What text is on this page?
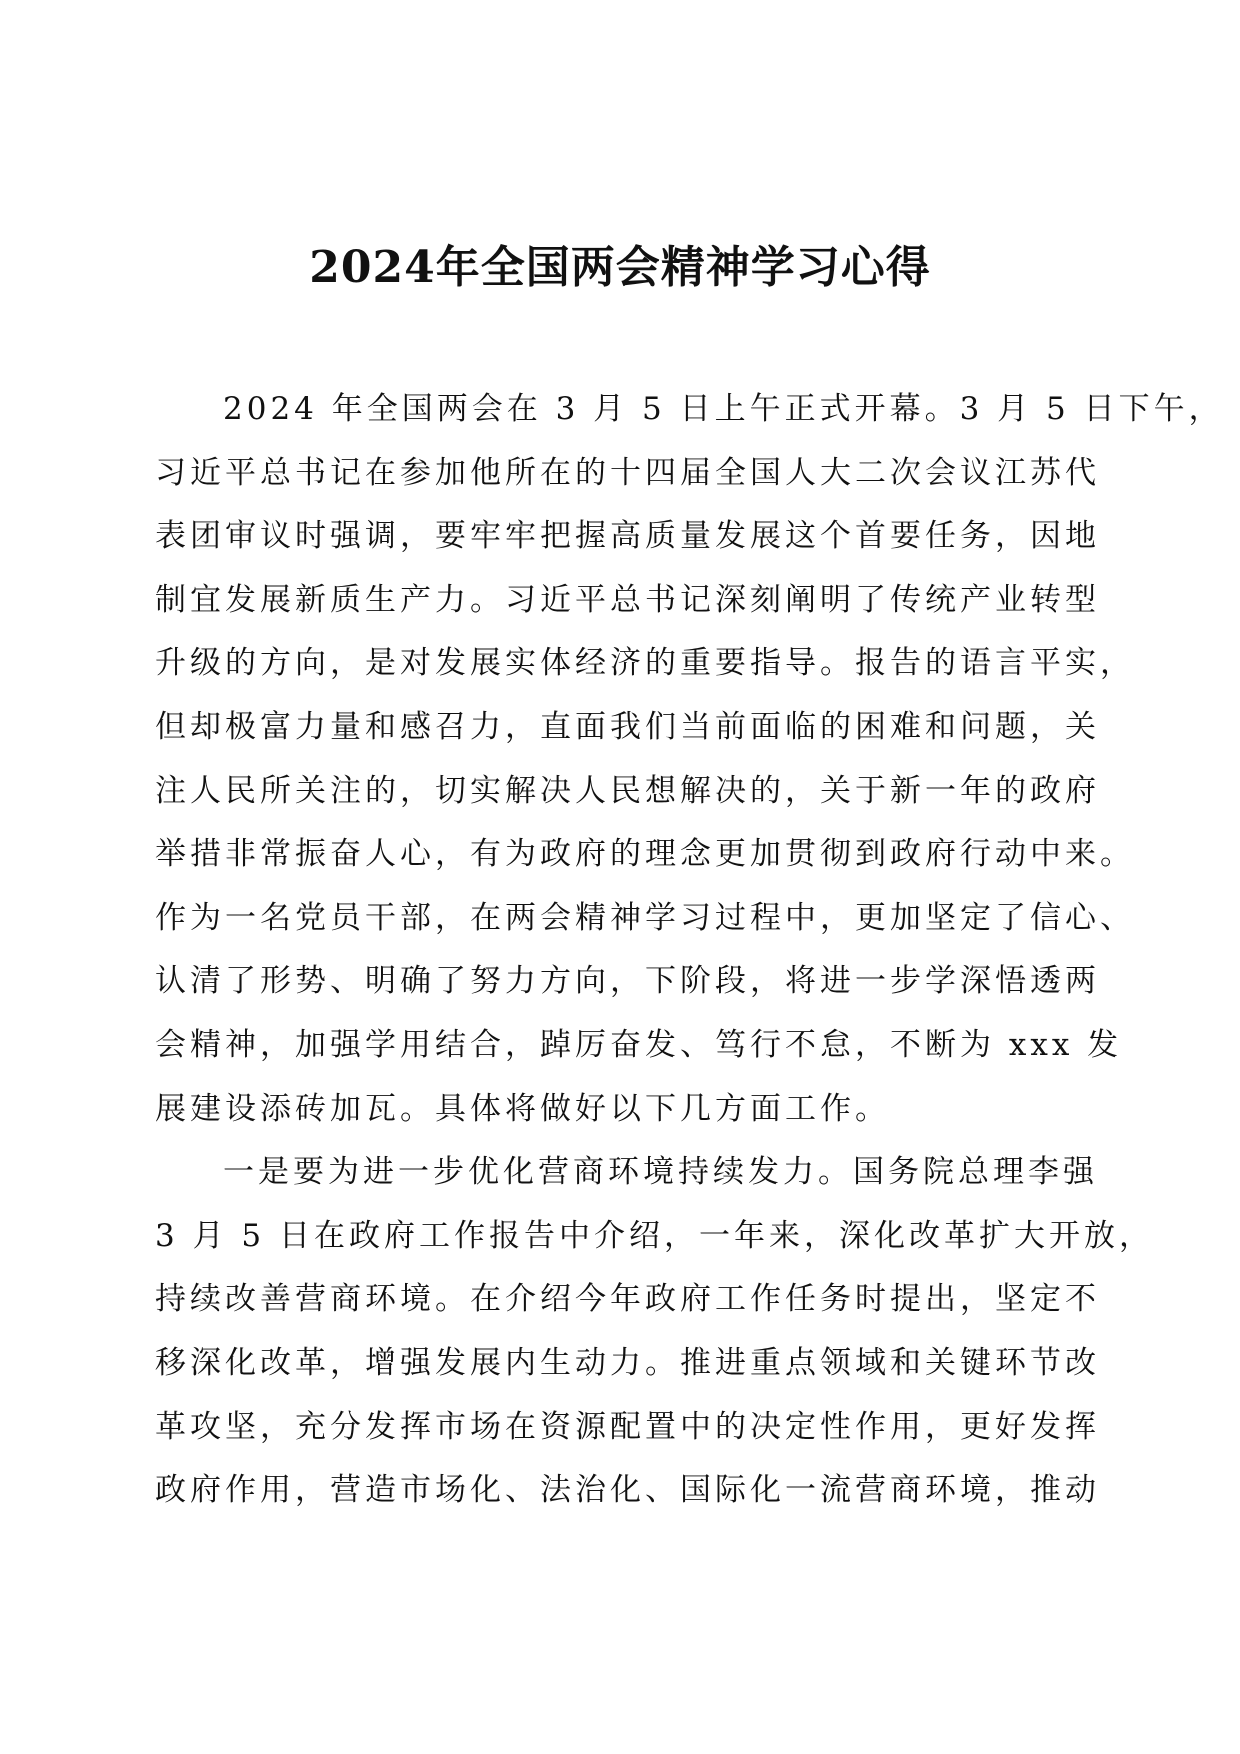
2024年全国两会精神学习心得
2024 年全国两会在 3 月 5 日上午正式开幕。3 月 5 日下午，
习近平总书记在参加他所在的十四届全国人大二次会议江苏代
表团审议时强调，要牢牢把握高质量发展这个首要任务，因地
制宜发展新质生产力。习近平总书记深刻阐明了传统产业转型
升级的方向，是对发展实体经济的重要指导。报告的语言平实，
但却极富力量和感召力，直面我们当前面临的困难和问题，关
注人民所关注的，切实解决人民想解决的，关于新一年的政府
举措非常振奋人心，有为政府的理念更加贯彻到政府行动中来。
作为一名党员干部，在两会精神学习过程中，更加坚定了信心、
认清了形势、明确了努力方向，下阶段，将进一步学深悟透两
会精神，加强学用结合，踔厉奋发、笃行不怠，不断为 xxx 发
展建设添砖加瓦。具体将做好以下几方面工作。
一是要为进一步优化营商环境持续发力。国务院总理李强
3 月 5 日在政府工作报告中介绍，一年来，深化改革扩大开放，
持续改善营商环境。在介绍今年政府工作任务时提出，坚定不
移深化改革，增强发展内生动力。推进重点领域和关键环节改
革攻坚，充分发挥市场在资源配置中的决定性作用，更好发挥
政府作用，营造市场化、法治化、国际化一流营商环境，推动
